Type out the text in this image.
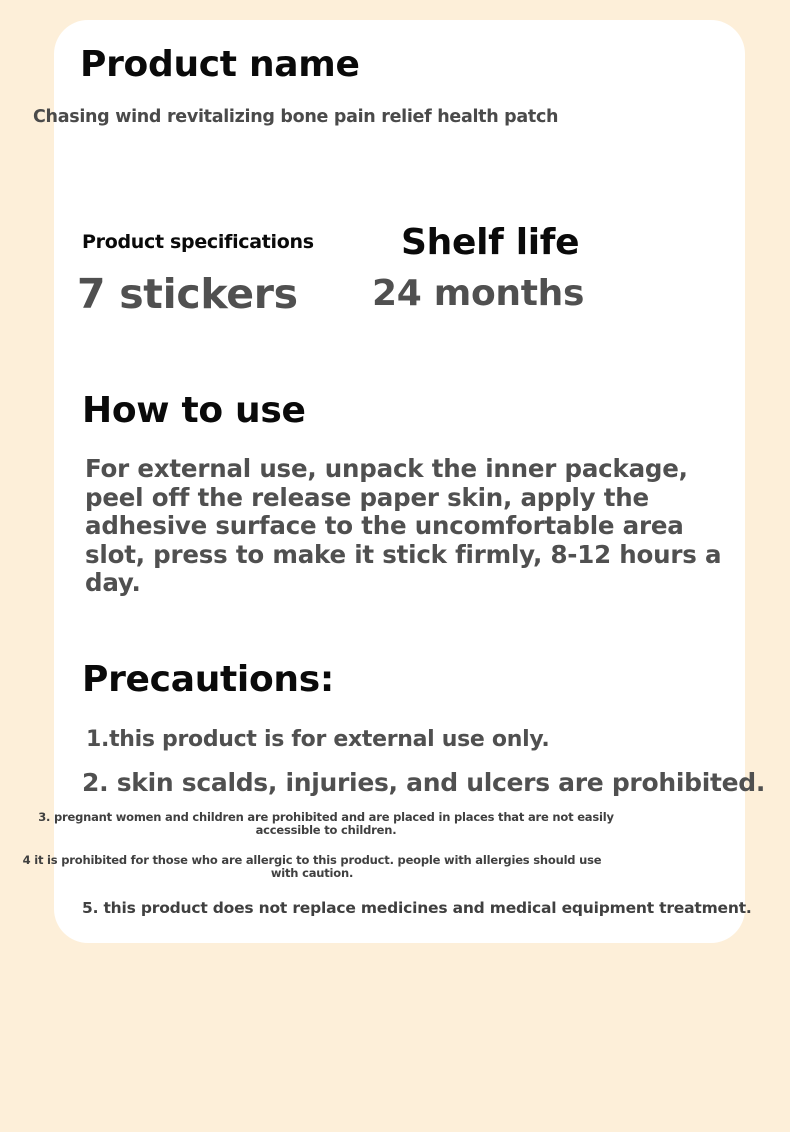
Product name

Chasing wind revitalizing bone pain relief health patch

Product specifications Shelf life
7 stickers 24 months
How to use

For external use, unpack the inner package, peel off the release paper skin, apply the adhesive surface to the uncomfortable area slot, press to make it stick firmly, 8-12 hours a day.

Precautions:
1.this product is for external use only.
2. skin scalds, injuries, and ulcers are prohibited.
3. pregnant women and children are prohibited and are placed in places that are not easily accessible to children.
4 it is prohibited for those who are allergic to this product. people with allergies should use with caution.
5. this product does not replace medicines and medical equipment treatment.
